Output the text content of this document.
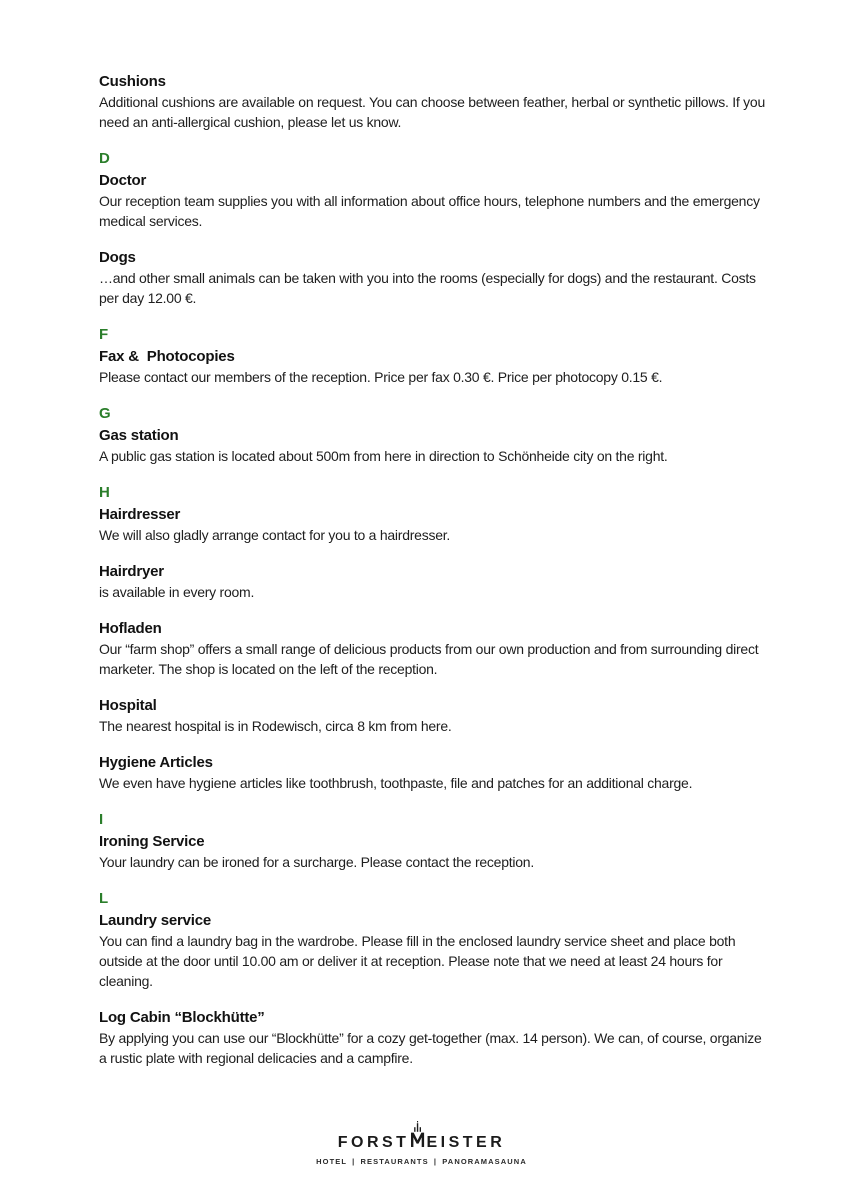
Cushions

Additional cushions are available on request. You can choose between feather, herbal or synthetic pillows. If you need an anti-allergical cushion, please let us know.

D
Doctor

Our reception team supplies you with all information about office hours, telephone numbers and the emergency medical services.

Dogs

…and other small animals can be taken with you into the rooms (especially for dogs) and the restaurant. Costs per day 12.00 €.

F
Fax &  Photocopies

Please contact our members of the reception. Price per fax 0.30 €. Price per photocopy 0.15 €.

G
Gas station

A public gas station is located about 500m from here in direction to Schönheide city on the right.

H
Hairdresser

We will also gladly arrange contact for you to a hairdresser.

Hairdryer

is available in every room.

Hofladen

Our “farm shop” offers a small range of delicious products from our own production and from surrounding direct marketer. The shop is located on the left of the reception.

Hospital

The nearest hospital is in Rodewisch, circa 8 km from here.

Hygiene Articles

We even have hygiene articles like toothbrush, toothpaste, file and patches for an additional charge.

I
Ironing Service

Your laundry can be ironed for a surcharge. Please contact the reception.

L
Laundry service

You can find a laundry bag in the wardrobe. Please fill in the enclosed laundry service sheet and place both outside at the door until 10.00 am or deliver it at reception. Please note that we need at least 24 hours for cleaning.

Log Cabin “Blockhütte”

By applying you can use our “Blockhütte” for a cozy get-together (max. 14 person). We can, of course, organize a rustic plate with regional delicacies and a campfire.

FORST EISTER
HOTEL | RESTAURANTS | PANORAMASAUNA
